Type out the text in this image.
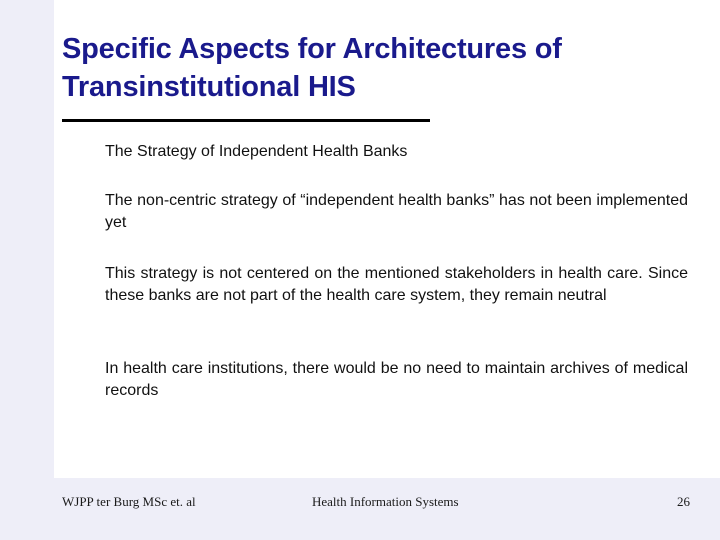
Specific Aspects for Architectures of Transinstitutional HIS
The Strategy of Independent Health Banks
The non-centric strategy of “independent health banks” has not been implemented yet
This strategy is not centered on the mentioned stakeholders in health care. Since these banks are not part of the health care system, they remain neutral
In health care institutions, there would be no need to maintain archives of medical records
WJPP ter Burg MSc et. al	Health Information Systems	26
